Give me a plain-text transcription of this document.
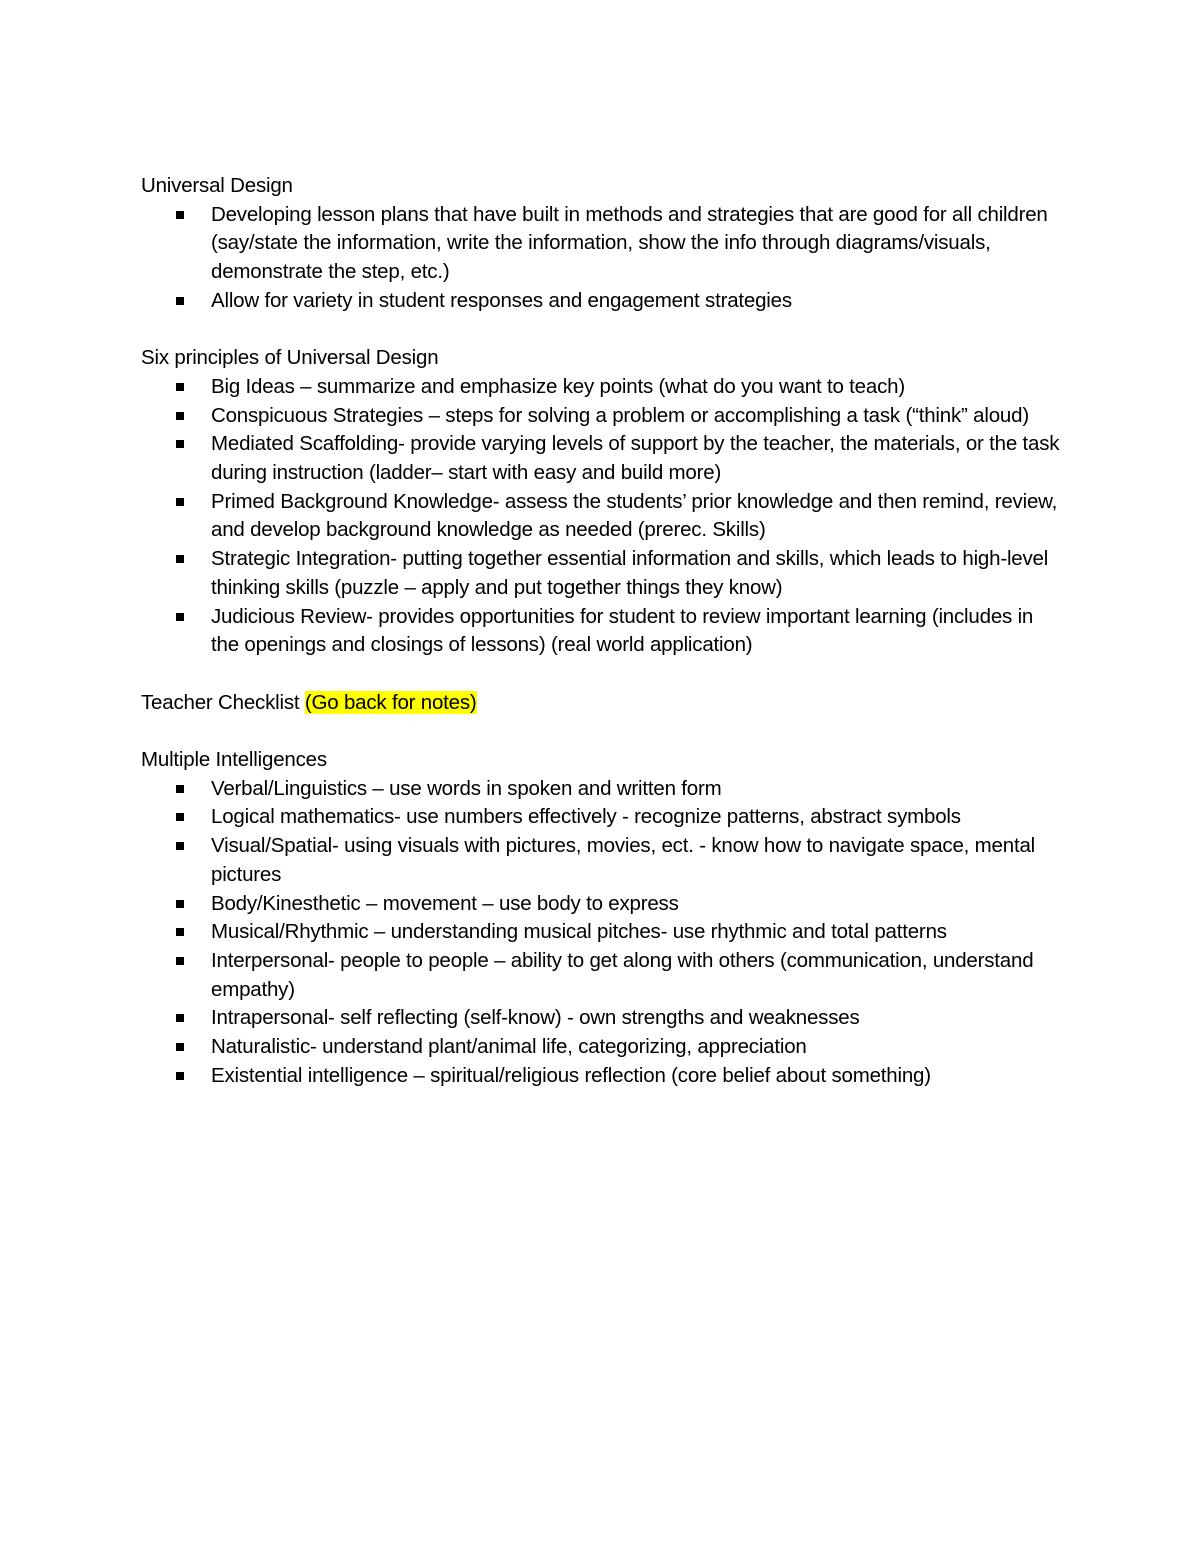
Universal Design

Developing lesson plans that have built in methods and strategies that are good for all children (say/state the information, write the information, show the info through diagrams/visuals, demonstrate the step, etc.)
Allow for variety in student responses and engagement strategies

Six principles of Universal Design

Big Ideas – summarize and emphasize key points (what do you want to teach)
Conspicuous Strategies – steps for solving a problem or accomplishing a task (“think” aloud)
Mediated Scaffolding- provide varying levels of support by the teacher, the materials, or the task during instruction (ladder– start with easy and build more)
Primed Background Knowledge- assess the students’ prior knowledge and then remind, review, and develop background knowledge as needed (prerec. Skills)
Strategic Integration- putting together essential information and skills, which leads to high-level thinking skills (puzzle – apply and put together things they know)
Judicious Review- provides opportunities for student to review important learning (includes in the openings and closings of lessons) (real world application)

Teacher Checklist (Go back for notes)

Multiple Intelligences

Verbal/Linguistics – use words in spoken and written form
Logical mathematics- use numbers effectively - recognize patterns, abstract symbols
Visual/Spatial- using visuals with pictures, movies, ect. - know how to navigate space, mental pictures
Body/Kinesthetic – movement – use body to express
Musical/Rhythmic – understanding musical pitches- use rhythmic and total patterns
Interpersonal- people to people – ability to get along with others (communication, understand empathy)
Intrapersonal- self reflecting (self-know) - own strengths and weaknesses
Naturalistic- understand plant/animal life, categorizing, appreciation
Existential intelligence – spiritual/religious reflection (core belief about something)
